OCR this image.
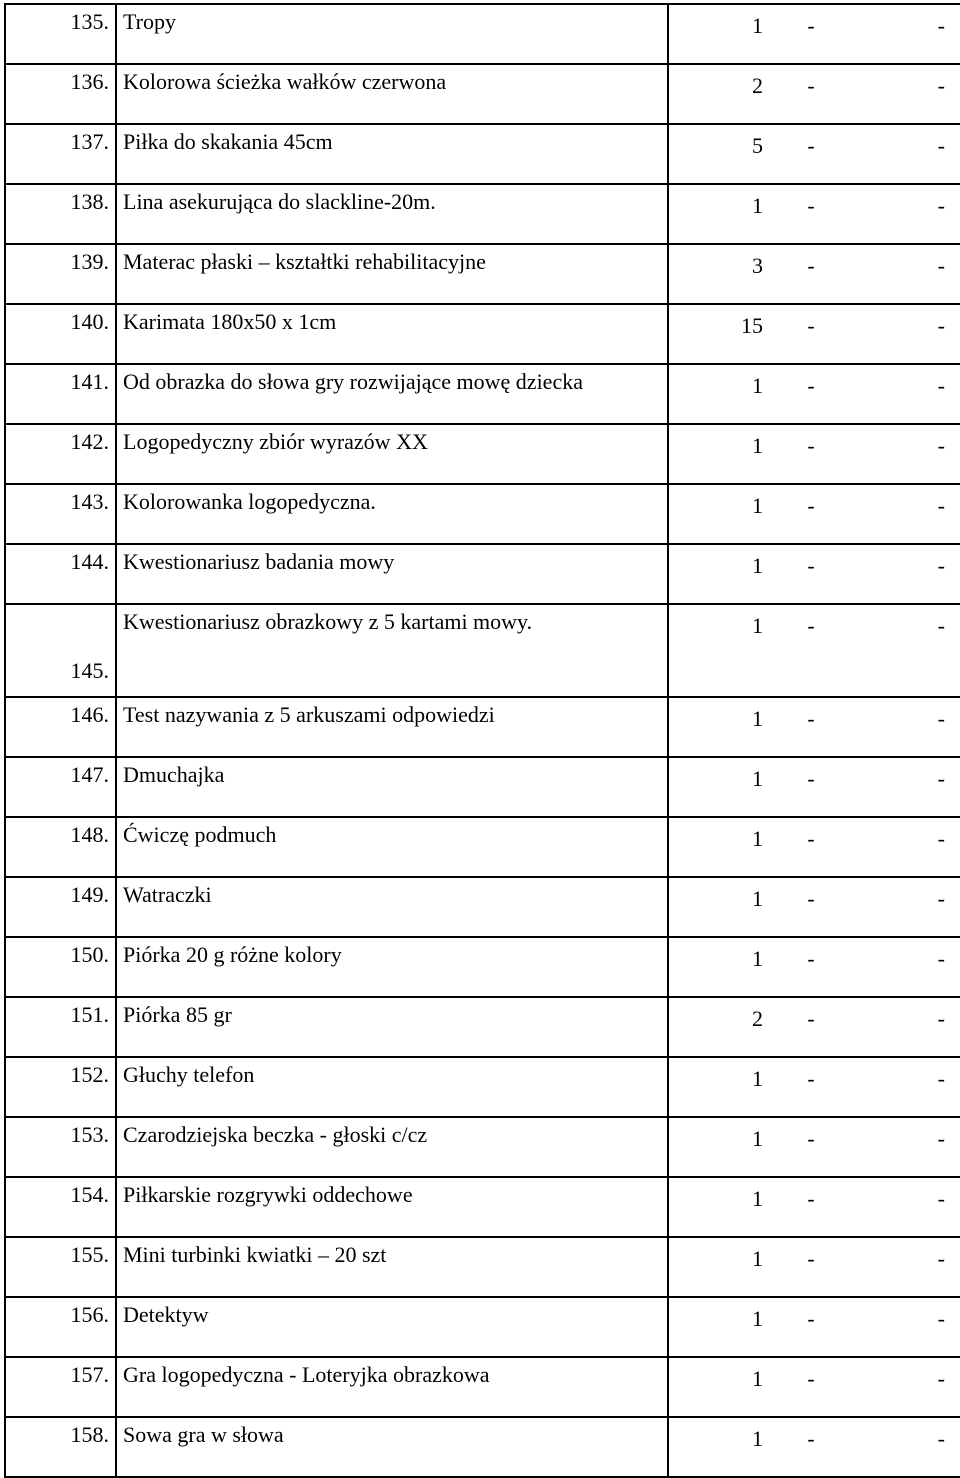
135.	Tropy	1 - -

136.	Kolorowa ścieżka wałków czerwona	2 - -

137.	Piłka do skakania 45cm	5 - -

138.	Lina asekurująca do slackline-20m.	1 - -

139.	Materac płaski – kształtki rehabilitacyjne	3 - -

140.	Karimata 180x50 x 1cm	15 - -

141.	Od obrazka do słowa gry rozwijające mowę dziecka	1 - -

142.	Logopedyczny zbiór wyrazów XX	1 - -

143.	Kolorowanka logopedyczna.	1 - -

144.	Kwestionariusz badania mowy	1 - -

145.	Kwestionariusz obrazkowy z 5 kartami mowy.	1 - -

146.	Test nazywania z 5 arkuszami odpowiedzi	1 - -

147.	Dmuchajka	1 - -

148.	Ćwiczę podmuch	1 - -

149.	Watraczki	1 - -

150.	Piórka 20 g różne kolory	1 - -

151.	Piórka 85 gr	2 - -

152.	Głuchy telefon	1 - -

153.	Czarodziejska beczka - głoski c/cz	1 - -

154.	Piłkarskie rozgrywki oddechowe	1 - -

155.	Mini turbinki kwiatki – 20 szt	1 - -

156.	Detektyw	1 - -

157.	Gra logopedyczna - Loteryjka obrazkowa	1 - -

158.	Sowa gra w słowa	1 - -
